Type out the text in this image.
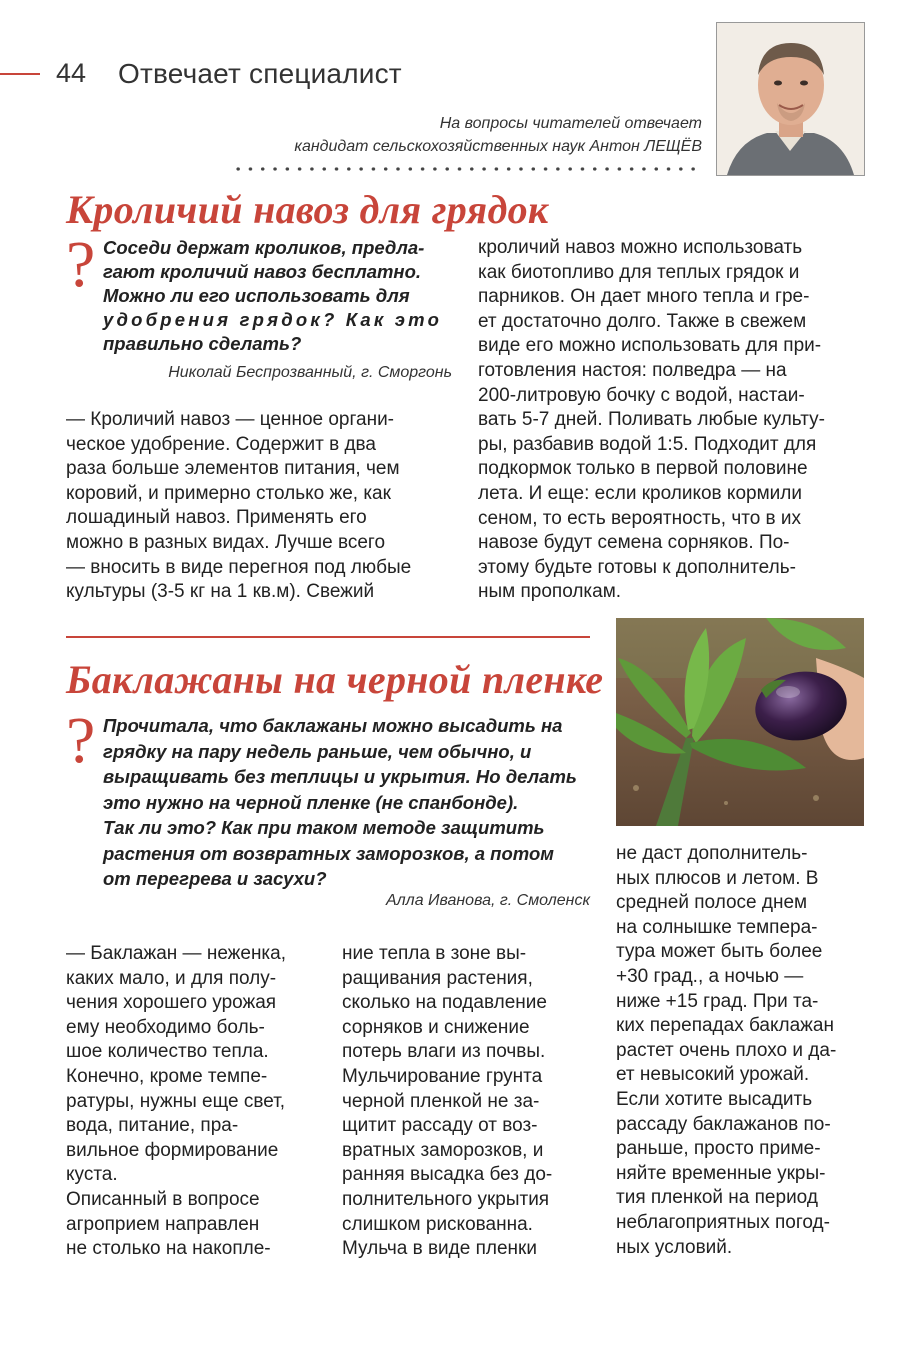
44 Отвечает специалист
На вопросы читателей отвечает
кандидат сельскохозяйственных наук Антон ЛЕЩЁВ
Кроличий навоз для грядок
? Соседи держат кроликов, предла-
гают кроличий навоз бесплатно.
Можно ли его использовать для
удобрения грядок? Как это
правильно сделать?
Николай Беспрозванный, г. Сморгонь

— Кроличий навоз — ценное органи-

ческое удобрение. Содержит в два

раза больше элементов питания, чем

коровий, и примерно столько же, как

лошадиный навоз. Применять его

можно в разных видах. Лучше всего

— вносить в виде перегноя под любые

культуры (3-5 кг на 1 кв.м). Свежий

кроличий навоз можно использовать

как биотопливо для теплых грядок и

парников. Он дает много тепла и гре-

ет достаточно долго. Также в свежем

виде его можно использовать для при-

готовления настоя: полведра — на

200-литровую бочку с водой, настаи-

вать 5-7 дней. Поливать любые культу-

ры, разбавив водой 1:5. Подходит для

подкормок только в первой половине

лета. И еще: если кроликов кормили

сеном, то есть вероятность, что в их

навозе будут семена сорняков. По-

этому будьте готовы к дополнитель-

ным прополкам.

Баклажаны на черной пленке
? Прочитала, что баклажаны можно высадить на
грядку на пару недель раньше, чем обычно, и
выращивать без теплицы и укрытия. Но делать
это нужно на черной пленке (не спанбонде).
Так ли это? Как при таком методе защитить
растения от возвратных заморозков, а потом
от перегрева и засухи?
Алла Иванова, г. Смоленск

— Баклажан — неженка,

каких мало, и для полу-

чения хорошего урожая

ему необходимо боль-

шое количество тепла.

Конечно, кроме темпе-

ратуры, нужны еще свет,

вода, питание, пра-

вильное формирование

куста.

Описанный в вопросе

агроприем направлен

не столько на накопле-

ние тепла в зоне вы-

ращивания растения,

сколько на подавление

сорняков и снижение

потерь влаги из почвы.

Мульчирование грунта

черной пленкой не за-

щитит рассаду от воз-

вратных заморозков, и

ранняя высадка без до-

полнительного укрытия

слишком рискованна.

Мульча в виде пленки

не даст дополнитель-

ных плюсов и летом. В

средней полосе днем

на солнышке темпера-

тура может быть более

+30 град., а ночью —

ниже +15 град. При та-

ких перепадах баклажан

растет очень плохо и да-

ет невысокий урожай.

Если хотите высадить

рассаду баклажанов по-

раньше, просто приме-

няйте временные укры-

тия пленкой на период

неблагоприятных погод-

ных условий.
